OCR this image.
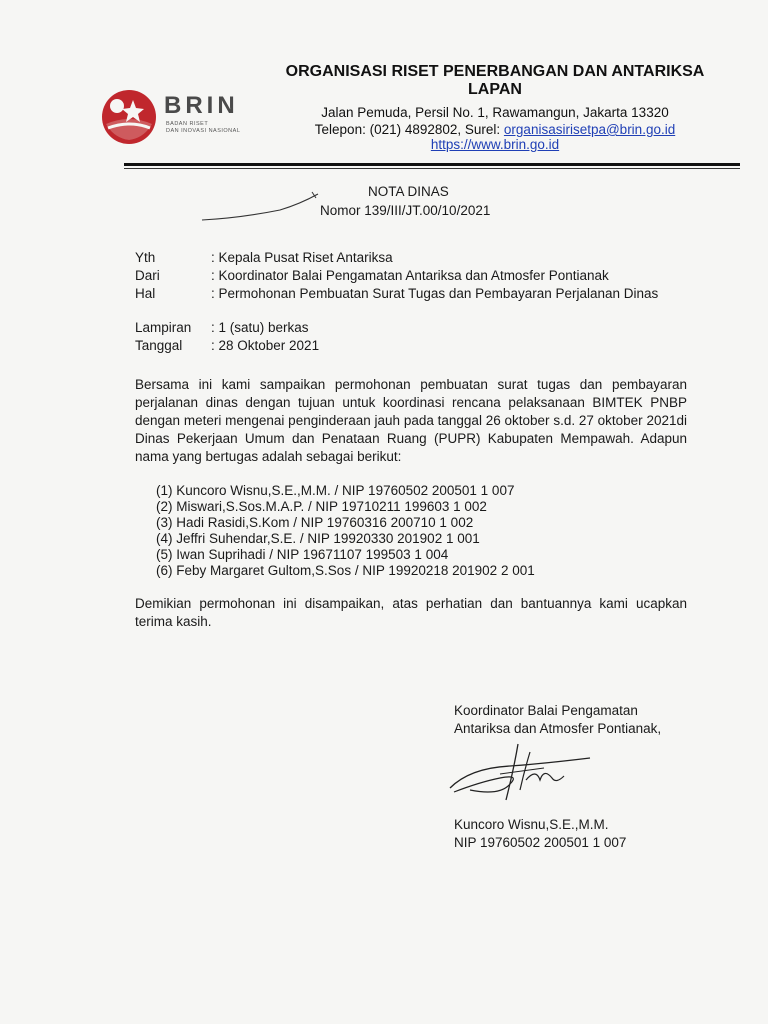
BRIN
BADAN RISET
DAN INOVASI NASIONAL
ORGANISASI RISET PENERBANGAN DAN ANTARIKSA
LAPAN
Jalan Pemuda, Persil No. 1, Rawamangun, Jakarta 13320
Telepon: (021) 4892802, Surel: organisasirisetpa@brin.go.id
https://www.brin.go.id
NOTA DINAS
Nomor 139/III/JT.00/10/2021
Yth	: Kepala Pusat Riset Antariksa
Dari	: Koordinator Balai Pengamatan Antariksa dan Atmosfer Pontianak
Hal	: Permohonan Pembuatan Surat Tugas dan Pembayaran Perjalanan Dinas
Lampiran	: 1 (satu) berkas
Tanggal	: 28 Oktober 2021
Bersama ini kami sampaikan permohonan pembuatan surat tugas dan pembayaran perjalanan dinas dengan tujuan untuk koordinasi rencana pelaksanaan BIMTEK PNBP dengan meteri mengenai penginderaan jauh pada tanggal 26 oktober s.d. 27 oktober 2021di Dinas Pekerjaan Umum dan Penataan Ruang (PUPR) Kabupaten Mempawah. Adapun nama yang bertugas adalah sebagai berikut:
(1) Kuncoro Wisnu,S.E.,M.M. / NIP 19760502 200501 1 007
(2) Miswari,S.Sos.M.A.P. / NIP 19710211 199603 1 002
(3) Hadi Rasidi,S.Kom / NIP 19760316 200710 1 002
(4) Jeffri Suhendar,S.E. / NIP 19920330 201902 1 001
(5) Iwan Suprihadi / NIP 19671107 199503 1 004
(6) Feby Margaret Gultom,S.Sos / NIP 19920218 201902 2 001
Demikian permohonan ini disampaikan, atas perhatian dan bantuannya kami ucapkan terima kasih.
Koordinator Balai Pengamatan
Antariksa dan Atmosfer Pontianak,
Kuncoro Wisnu,S.E.,M.M.
NIP 19760502 200501 1 007
